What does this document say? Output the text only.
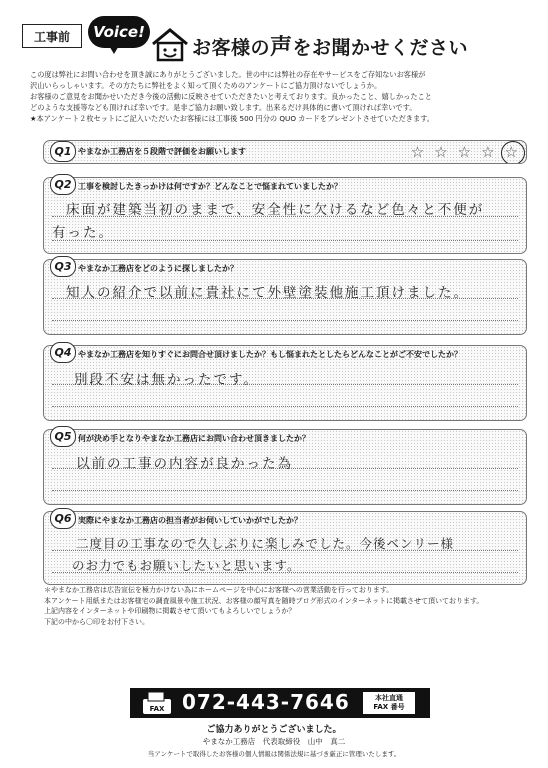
工事前	Voice!
お客様の声をお聞かせください

この度は弊社にお問い合わせを頂き誠にありがとうございました。世の中には弊社の存在やサービスをご存知ないお客様が

沢山いらっしゃいます。その方たちに弊社をよく知って頂くためのアンケートにご協力頂けないでしょうか。

お客様のご意見をお聞かせいただき今後の活動に反映させていただきたいと考えております。良かったこと、嬉しかったこと

どのような支援等なども頂ければ幸いです。是非ご協力お願い致します。出来るだけ具体的に書いて頂ければ幸いです。

★本アンケート２枚セットにご記入いただいたお客様には工事後 500 円分の QUO カードをプレゼントさせていただきます。

やまなか工務店を５段階で評価をお願いします	☆ ☆ ☆ ☆ ☆
Q1
工事を検討したきっかけは何ですか？どんなことで悩まれていましたか？
床面が建築当初のままで、安全性に欠けるなど色々と不便が
有った。
Q2
やまなか工務店をどのように探しましたか？
知人の紹介で以前に貴社にて外壁塗装他施工頂けました。
Q3
やまなか工務店を知りすぐにお問合せ頂けましたか？もし悩まれたとしたらどんなことがご不安でしたか？
別段不安は無かったです。
Q4
何が決め手となりやまなか工務店にお問い合わせ頂きましたか？
以前の工事の内容が良かった為
Q5
実際にやまなか工務店の担当者がお伺いしていかがでしたか？
二度目の工事なので久しぶりに楽しみでした。今後ベンリー様
のお力でもお願いしたいと思います。
Q6

＊やまなか工務店は広告宣伝を極力かけない為にホームページを中心にお客様への営業活動を行っております。

本アンケート用紙またはお客様宅の調査風景や施工状況、お客様の顔写真を随時ブログ形式のインターネットに掲載させて頂いております。

上記内容をインターネットや印刷物に掲載させて頂いてもよろしいでしょうか？

下記の中から〇印をお付下さい。

FAX 072-443-7646	本社直通
FAX 番号
ご協力ありがとうございました。
やまなか工務店　代表取締役　山中　真二
当アンケートで取得したお客様の個人情報は関係法規に基づき厳正に管理いたします。
